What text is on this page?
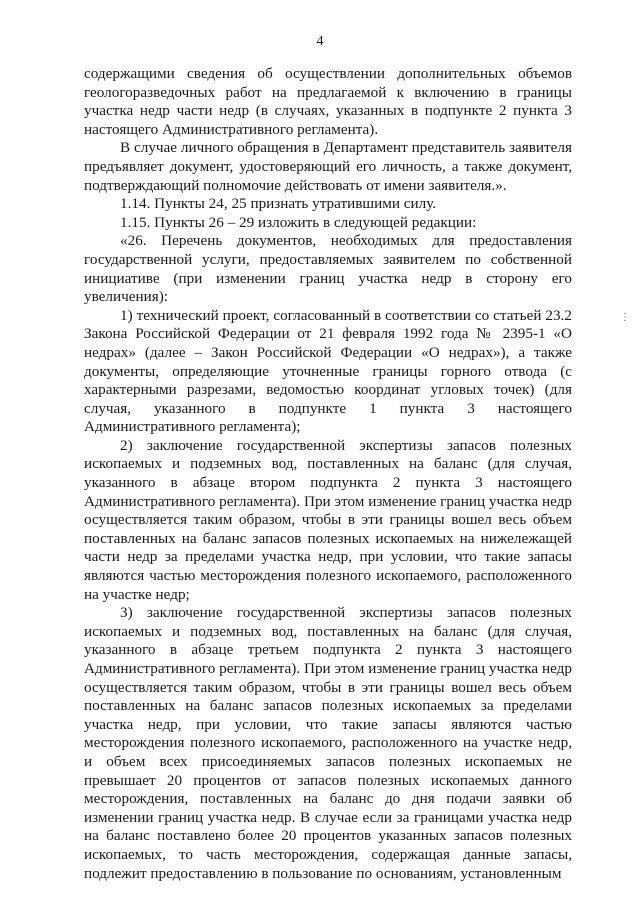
4

содержащими сведения об осуществлении дополнительных объемов геологоразведочных работ на предлагаемой к включению в границы участка недр части недр (в случаях, указанных в подпункте 2 пункта 3 настоящего Административного регламента).

В случае личного обращения в Департамент представитель заявителя предъявляет документ, удостоверяющий его личность, а также документ, подтверждающий полномочие действовать от имени заявителя.».

1.14. Пункты 24, 25 признать утратившими силу.

1.15. Пункты 26 – 29 изложить в следующей редакции:

«26. Перечень документов, необходимых для предоставления государственной услуги, предоставляемых заявителем по собственной инициативе (при изменении границ участка недр в сторону его увеличения):

1) технический проект, согласованный в соответствии со статьей 23.2 Закона Российской Федерации от 21 февраля 1992 года № 2395-1 «О недрах» (далее – Закон Российской Федерации «О недрах»), а также документы, определяющие уточненные границы горного отвода (с характерными разрезами, ведомостью координат угловых точек) (для случая, указанного в подпункте 1 пункта 3 настоящего Административного регламента);

2) заключение государственной экспертизы запасов полезных ископаемых и подземных вод, поставленных на баланс (для случая, указанного в абзаце втором подпункта 2 пункта 3 настоящего Административного регламента). При этом изменение границ участка недр осуществляется таким образом, чтобы в эти границы вошел весь объем поставленных на баланс запасов полезных ископаемых на нижележащей части недр за пределами участка недр, при условии, что такие запасы являются частью месторождения полезного ископаемого, расположенного на участке недр;

3) заключение государственной экспертизы запасов полезных ископаемых и подземных вод, поставленных на баланс (для случая, указанного в абзаце третьем подпункта 2 пункта 3 настоящего Административного регламента). При этом изменение границ участка недр осуществляется таким образом, чтобы в эти границы вошел весь объем поставленных на баланс запасов полезных ископаемых за пределами участка недр, при условии, что такие запасы являются частью месторождения полезного ископаемого, расположенного на участке недр, и объем всех присоединяемых запасов полезных ископаемых не превышает 20 процентов от запасов полезных ископаемых данного месторождения, поставленных на баланс до дня подачи заявки об изменении границ участка недр. В случае если за границами участка недр на баланс поставлено более 20 процентов указанных запасов полезных ископаемых, то часть месторождения, содержащая данные запасы, подлежит предоставлению в пользование по основаниям, установленным

⋮
